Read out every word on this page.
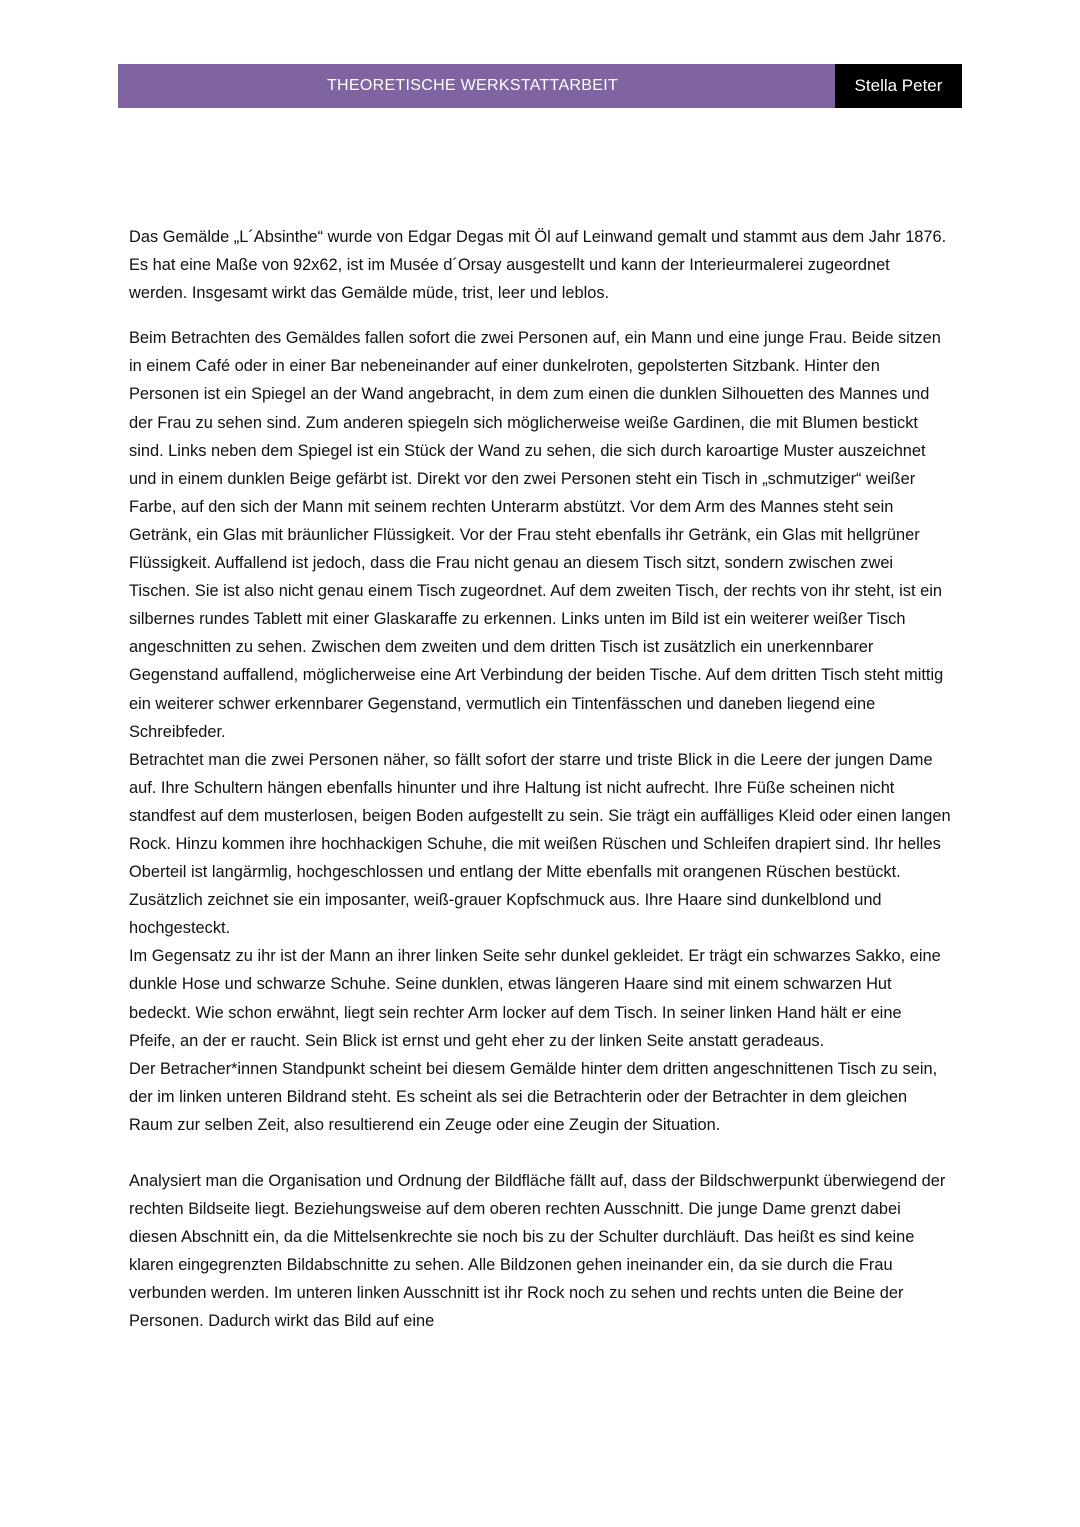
THEORETISCHE WERKSTATTARBEIT	Stella Peter

Das Gemälde „L´Absinthe“ wurde von Edgar Degas mit Öl auf Leinwand gemalt und stammt aus dem Jahr 1876. Es hat eine Maße von 92x62, ist im Musée d´Orsay ausgestellt und kann der Interieurmalerei zugeordnet werden. Insgesamt wirkt das Gemälde müde, trist, leer und leblos.

Beim Betrachten des Gemäldes fallen sofort die zwei Personen auf, ein Mann und eine junge Frau. Beide sitzen in einem Café oder in einer Bar nebeneinander auf einer dunkelroten, gepolsterten Sitzbank. Hinter den Personen ist ein Spiegel an der Wand angebracht, in dem zum einen die dunklen Silhouetten des Mannes und der Frau zu sehen sind. Zum anderen spiegeln sich möglicherweise weiße Gardinen, die mit Blumen bestickt sind. Links neben dem Spiegel ist ein Stück der Wand zu sehen, die sich durch karoartige Muster auszeichnet und in einem dunklen Beige gefärbt ist. Direkt vor den zwei Personen steht ein Tisch in „schmutziger“ weißer Farbe, auf den sich der Mann mit seinem rechten Unterarm abstützt. Vor dem Arm des Mannes steht sein Getränk, ein Glas mit bräunlicher Flüssigkeit. Vor der Frau steht ebenfalls ihr Getränk, ein Glas mit hellgrüner Flüssigkeit. Auffallend ist jedoch, dass die Frau nicht genau an diesem Tisch sitzt, sondern zwischen zwei Tischen. Sie ist also nicht genau einem Tisch zugeordnet. Auf dem zweiten Tisch, der rechts von ihr steht, ist ein silbernes rundes Tablett mit einer Glaskaraffe zu erkennen. Links unten im Bild ist ein weiterer weißer Tisch angeschnitten zu sehen. Zwischen dem zweiten und dem dritten Tisch ist zusätzlich ein unerkennbarer Gegenstand auffallend, möglicherweise eine Art Verbindung der beiden Tische. Auf dem dritten Tisch steht mittig ein weiterer schwer erkennbarer Gegenstand, vermutlich ein Tintenfässchen und daneben liegend eine Schreibfeder.

Betrachtet man die zwei Personen näher, so fällt sofort der starre und triste Blick in die Leere der jungen Dame auf. Ihre Schultern hängen ebenfalls hinunter und ihre Haltung ist nicht aufrecht. Ihre Füße scheinen nicht standfest auf dem musterlosen, beigen Boden aufgestellt zu sein. Sie trägt ein auffälliges Kleid oder einen langen Rock. Hinzu kommen ihre hochhackigen Schuhe, die mit weißen Rüschen und Schleifen drapiert sind. Ihr helles Oberteil ist langärmlig, hochgeschlossen und entlang der Mitte ebenfalls mit orangenen Rüschen bestückt. Zusätzlich zeichnet sie ein imposanter, weiß-grauer Kopfschmuck aus. Ihre Haare sind dunkelblond und hochgesteckt.

Im Gegensatz zu ihr ist der Mann an ihrer linken Seite sehr dunkel gekleidet. Er trägt ein schwarzes Sakko, eine dunkle Hose und schwarze Schuhe. Seine dunklen, etwas längeren Haare sind mit einem schwarzen Hut bedeckt. Wie schon erwähnt, liegt sein rechter Arm locker auf dem Tisch. In seiner linken Hand hält er eine Pfeife, an der er raucht. Sein Blick ist ernst und geht eher zu der linken Seite anstatt geradeaus.

Der Betracher*innen Standpunkt scheint bei diesem Gemälde hinter dem dritten angeschnittenen Tisch zu sein, der im linken unteren Bildrand steht. Es scheint als sei die Betrachterin oder der Betrachter in dem gleichen Raum zur selben Zeit, also resultierend ein Zeuge oder eine Zeugin der Situation.

Analysiert man die Organisation und Ordnung der Bildfläche fällt auf, dass der Bildschwerpunkt überwiegend der rechten Bildseite liegt. Beziehungsweise auf dem oberen rechten Ausschnitt. Die junge Dame grenzt dabei diesen Abschnitt ein, da die Mittelsenkrechte sie noch bis zu der Schulter durchläuft. Das heißt es sind keine klaren eingegrenzten Bildabschnitte zu sehen. Alle Bildzonen gehen ineinander ein, da sie durch die Frau verbunden werden. Im unteren linken Ausschnitt ist ihr Rock noch zu sehen und rechts unten die Beine der Personen. Dadurch wirkt das Bild auf eine
